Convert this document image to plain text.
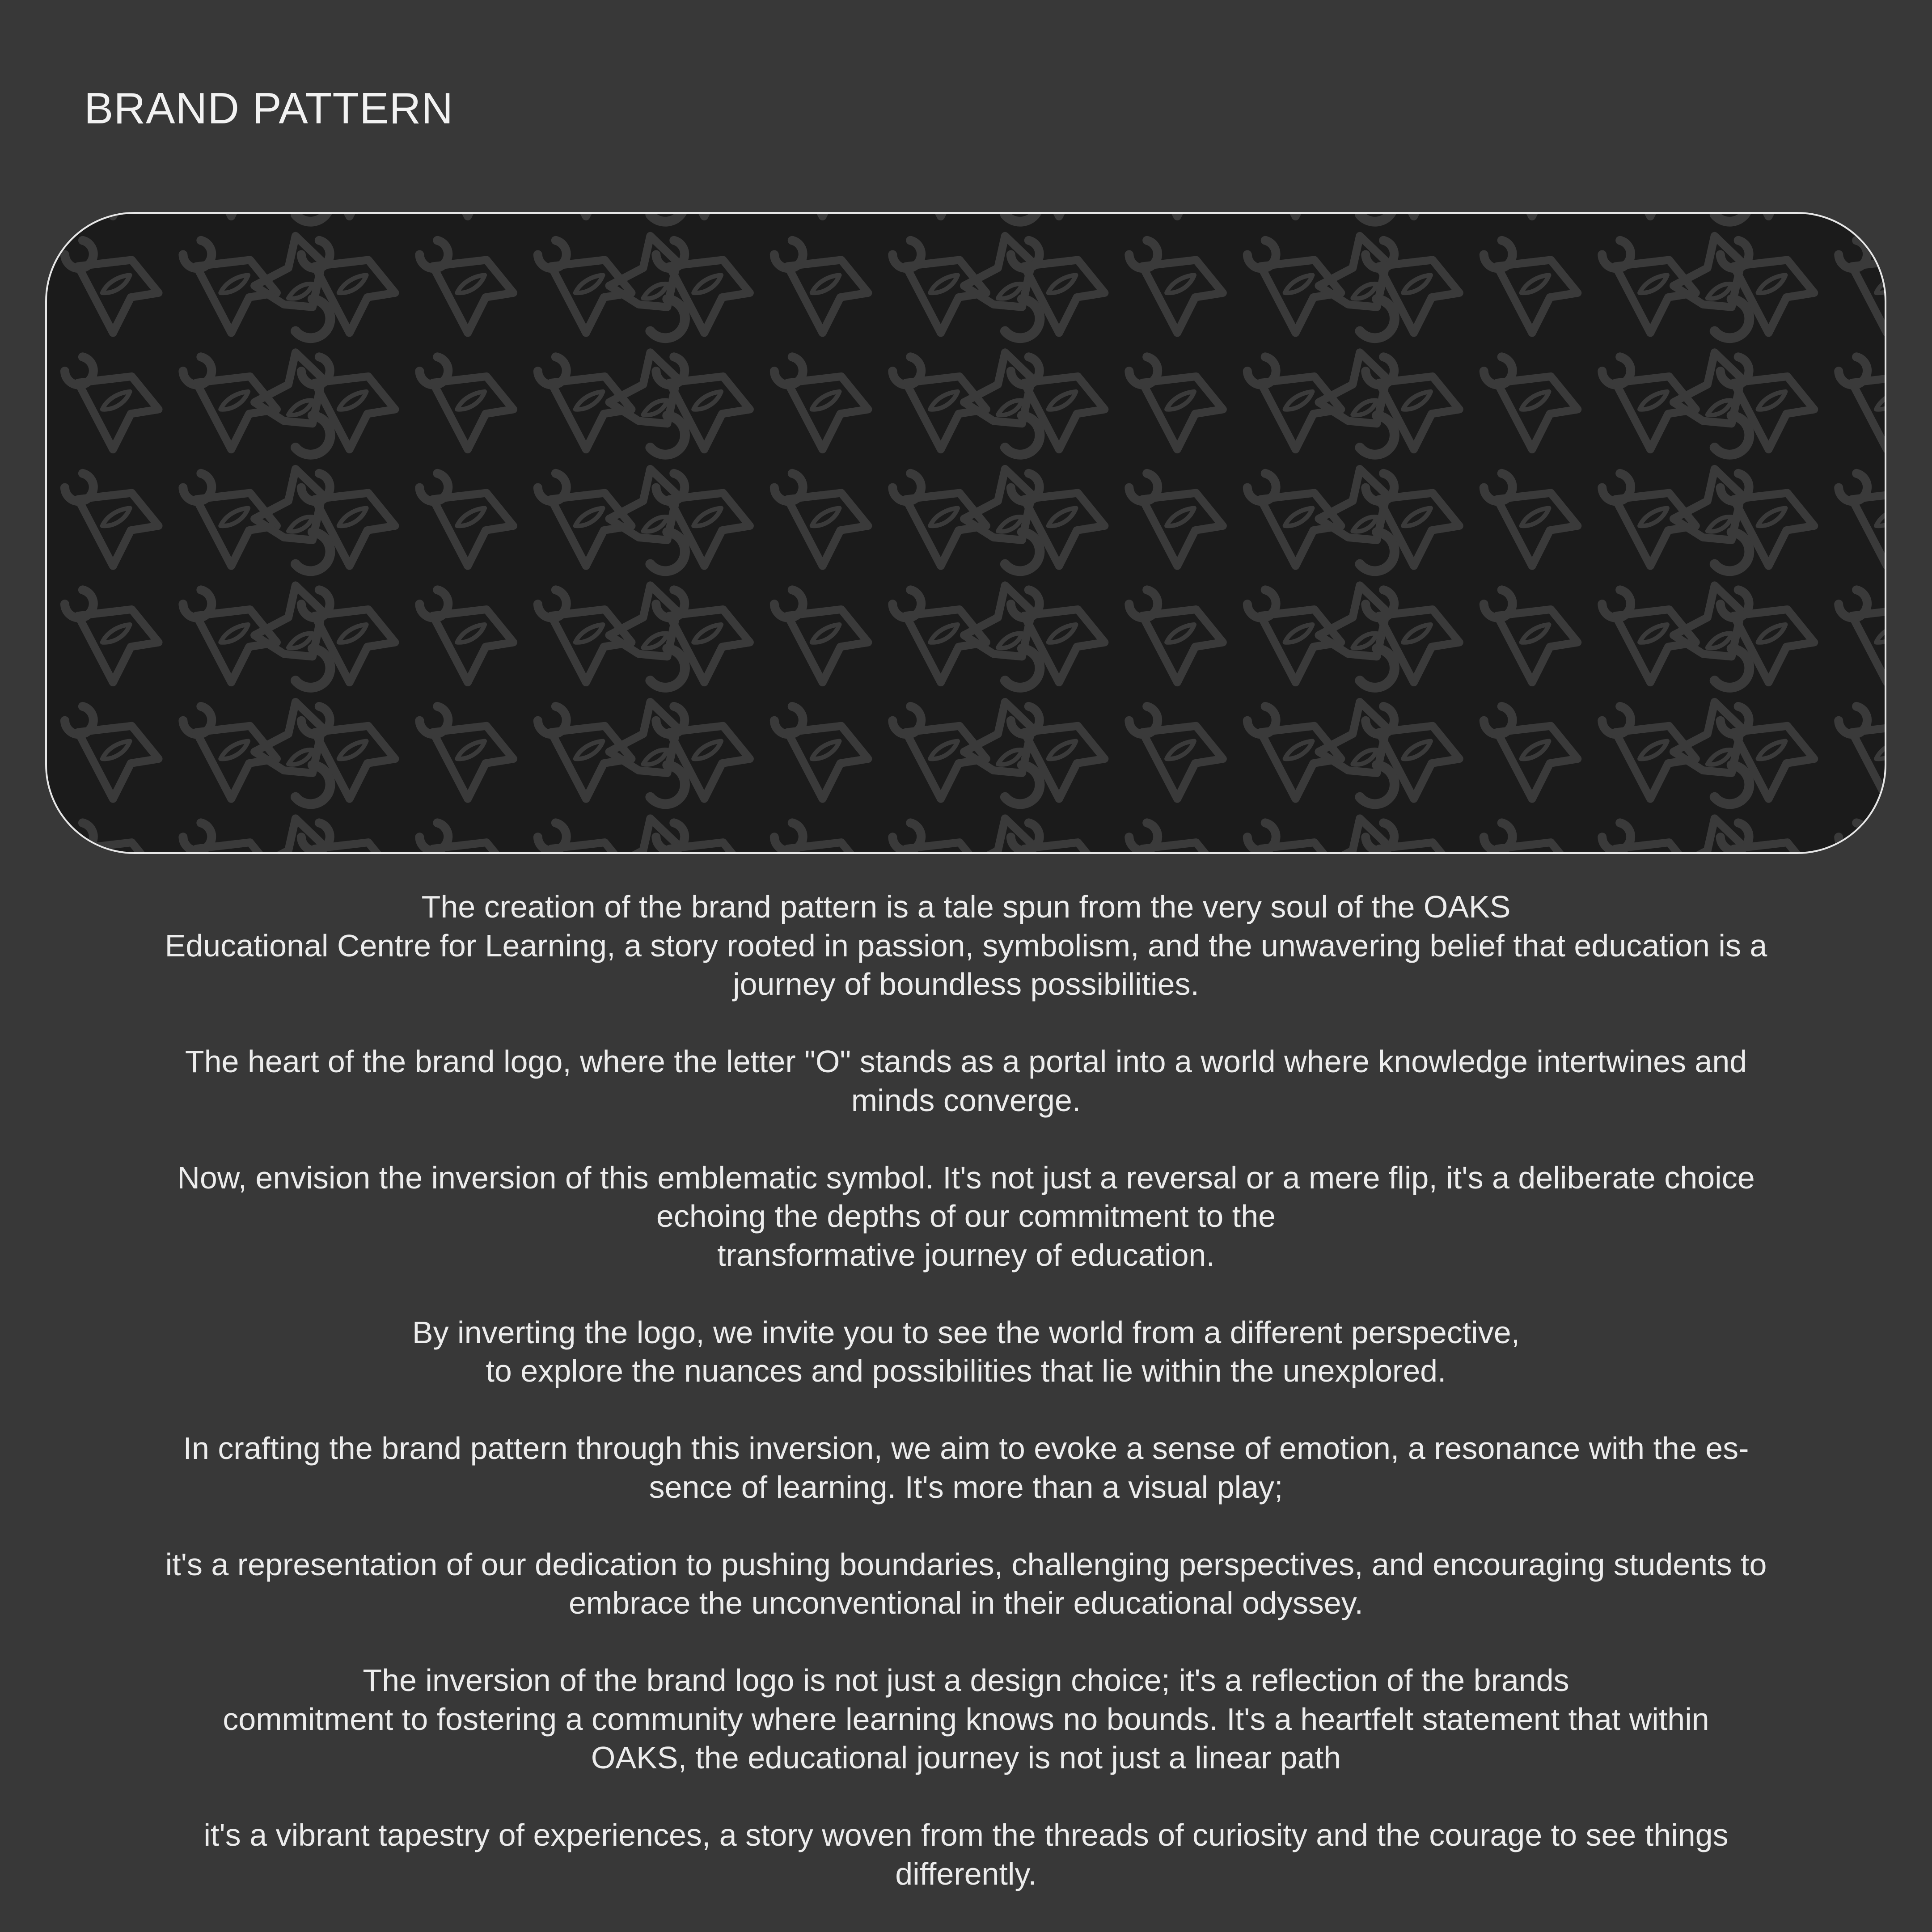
BRAND PATTERN

The creation of the brand pattern is a tale spun from the very soul of the OAKS
Educational Centre for Learning, a story rooted in passion, symbolism, and the unwavering belief that education is a
journey of boundless possibilities.

The heart of the brand logo, where the letter "O" stands as a portal into a world where knowledge intertwines and
minds converge.

Now, envision the inversion of this emblematic symbol. It's not just a reversal or a mere flip, it's a deliberate choice
echoing the depths of our commitment to the
transformative journey of education.

By inverting the logo, we invite you to see the world from a different perspective,
to explore the nuances and possibilities that lie within the unexplored.

In crafting the brand pattern through this inversion, we aim to evoke a sense of emotion, a resonance with the es-
sence of learning. It's more than a visual play;

it's a representation of our dedication to pushing boundaries, challenging perspectives, and encouraging students to
embrace the unconventional in their educational odyssey.

The inversion of the brand logo is not just a design choice; it's a reflection of the brands
commitment to fostering a community where learning knows no bounds. It's a heartfelt statement that within
OAKS, the educational journey is not just a linear path

it's a vibrant tapestry of experiences, a story woven from the threads of curiosity and the courage to see things
differently.
